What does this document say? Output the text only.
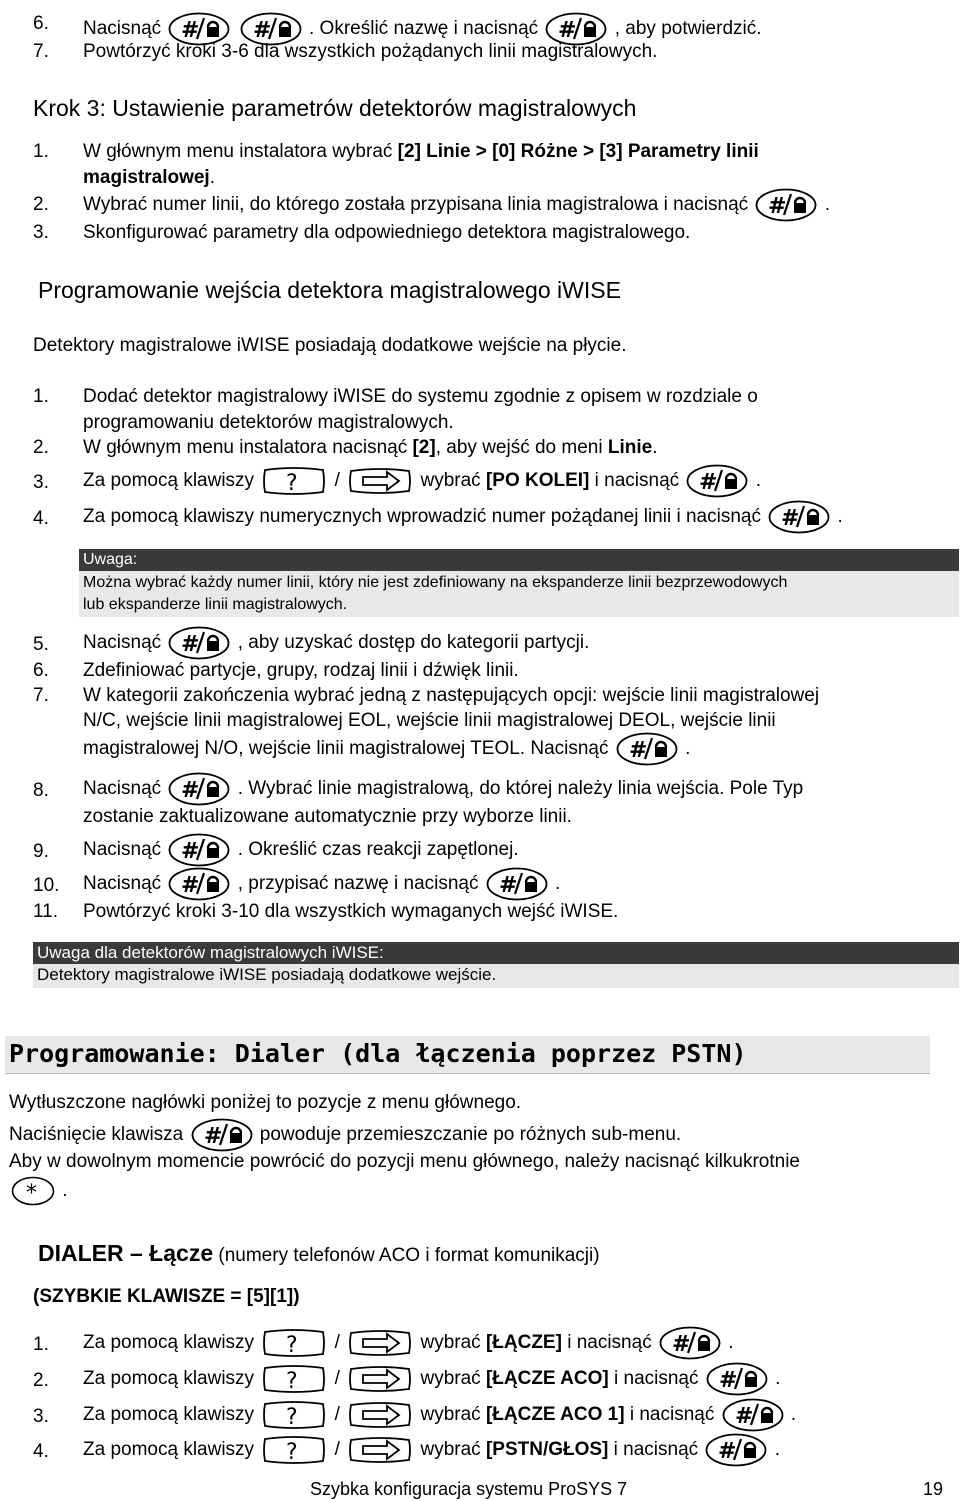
6. Nacisnąć #
# . Określić nazwę i nacisnąć # , aby potwierdzić.
7. Powtórzyć kroki 3-6 dla wszystkich pożądanych linii magistralowych.
Krok 3: Ustawienie parametrów detektorów magistralowych
1. W głównym menu instalatora wybrać [2] Linie > [0] Różne > [3] Parametry linii
magistralowej.
2. Wybrać numer linii, do którego została przypisana linia magistralowa i nacisnąć # .
3. Skonfigurować parametry dla odpowiedniego detektora magistralowego.
Programowanie wejścia detektora magistralowego iWISE
Detektory magistralowe iWISE posiadają dodatkowe wejście na płycie.
1. Dodać detektor magistralowy iWISE do systemu zgodnie z opisem w rozdziale o
programowaniu detektorów magistralowych.
2. W głównym menu instalatora nacisnąć [2], aby wejść do meni Linie.
3. Za pomocą klawiszy ? /	wybrać [PO KOLEI] i nacisnąć # .
4. Za pomocą klawiszy numerycznych wprowadzić numer pożądanej linii i nacisnąć # .
Uwaga:
Można wybrać każdy numer linii, który nie jest zdefiniowany na ekspanderze linii bezprzewodowych
lub ekspanderze linii magistralowych.
5. Nacisnąć # , aby uzyskać dostęp do kategorii partycji.
6. Zdefiniować partycje, grupy, rodzaj linii i dźwięk linii.
7. W kategorii zakończenia wybrać jedną z następujących opcji: wejście linii magistralowej
N/C, wejście linii magistralowej EOL, wejście linii magistralowej DEOL, wejście linii
magistralowej N/O, wejście linii magistralowej TEOL. Nacisnąć # .
8. Nacisnąć # . Wybrać linie magistralową, do której należy linia wejścia. Pole Typ
zostanie zaktualizowane automatycznie przy wyborze linii.
9. Nacisnąć # . Określić czas reakcji zapętlonej.
10. Nacisnąć # , przypisać nazwę i nacisnąć # .
11. Powtórzyć kroki 3-10 dla wszystkich wymaganych wejść iWISE.
Uwaga dla detektorów magistralowych iWISE:
Detektory magistralowe iWISE posiadają dodatkowe wejście.
Programowanie: Dialer (dla łączenia poprzez PSTN)
Wytłuszczone nagłówki poniżej to pozycje z menu głównego.
Naciśnięcie klawisza # powoduje przemieszczanie po różnych sub-menu.
Aby w dowolnym momencie powrócić do pozycji menu głównego, należy nacisnąć kilkukrotnie
* .
DIALER – Łącze (numery telefonów ACO i format komunikacji)
(SZYBKIE KLAWISZE = [5][1])
1. Za pomocą klawiszy ? /	wybrać [ŁĄCZE] i nacisnąć # .
2. Za pomocą klawiszy ? /	wybrać [ŁĄCZE ACO] i nacisnąć # .
3. Za pomocą klawiszy ? /	wybrać [ŁĄCZE ACO 1] i nacisnąć # .
4. Za pomocą klawiszy ? /	wybrać [PSTN/GŁOS] i nacisnąć # .
Szybka konfiguracja systemu ProSYS 7	19
